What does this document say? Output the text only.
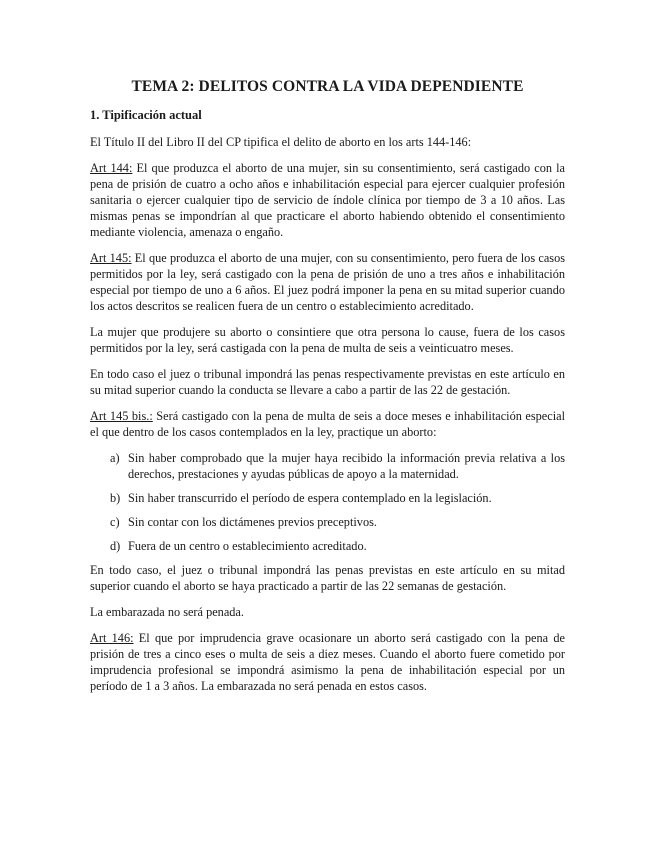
TEMA 2: DELITOS CONTRA LA VIDA DEPENDIENTE
1. Tipificación actual

El Título II del Libro II del CP tipifica el delito de aborto en los arts 144-146:

Art 144: El que produzca el aborto de una mujer, sin su consentimiento, será castigado con la pena de prisión de cuatro a ocho años e inhabilitación especial para ejercer cualquier profesión sanitaria o ejercer cualquier tipo de servicio de índole clínica por tiempo de 3 a 10 años. Las mismas penas se impondrían al que practicare el aborto habiendo obtenido el consentimiento mediante violencia, amenaza o engaño.

Art 145: El que produzca el aborto de una mujer, con su consentimiento, pero fuera de los casos permitidos por la ley, será castigado con la pena de prisión de uno a tres años e inhabilitación especial por tiempo de uno a 6 años. El juez podrá imponer la pena en su mitad superior cuando los actos descritos se realicen fuera de un centro o establecimiento acreditado.

La mujer que produjere su aborto o consintiere que otra persona lo cause, fuera de los casos permitidos por la ley, será castigada con la pena de multa de seis a veinticuatro meses.

En todo caso el juez o tribunal impondrá las penas respectivamente previstas en este artículo en su mitad superior cuando la conducta se llevare a cabo a partir de las 22 de gestación.

Art 145 bis.: Será castigado con la pena de multa de seis a doce meses e inhabilitación especial el que dentro de los casos contemplados en la ley, practique un aborto:

a) Sin haber comprobado que la mujer haya recibido la información previa relativa a los derechos, prestaciones y ayudas públicas de apoyo a la maternidad.
b) Sin haber transcurrido el período de espera contemplado en la legislación.
c) Sin contar con los dictámenes previos preceptivos.
d) Fuera de un centro o establecimiento acreditado.

En todo caso, el juez o tribunal impondrá las penas previstas en este artículo en su mitad superior cuando el aborto se haya practicado a partir de las 22 semanas de gestación.

La embarazada no será penada.

Art 146: El que por imprudencia grave ocasionare un aborto será castigado con la pena de prisión de tres a cinco eses o multa de seis a diez meses. Cuando el aborto fuere cometido por imprudencia profesional se impondrá asimismo la pena de inhabilitación especial por un período de 1 a 3 años. La embarazada no será penada en estos casos.
